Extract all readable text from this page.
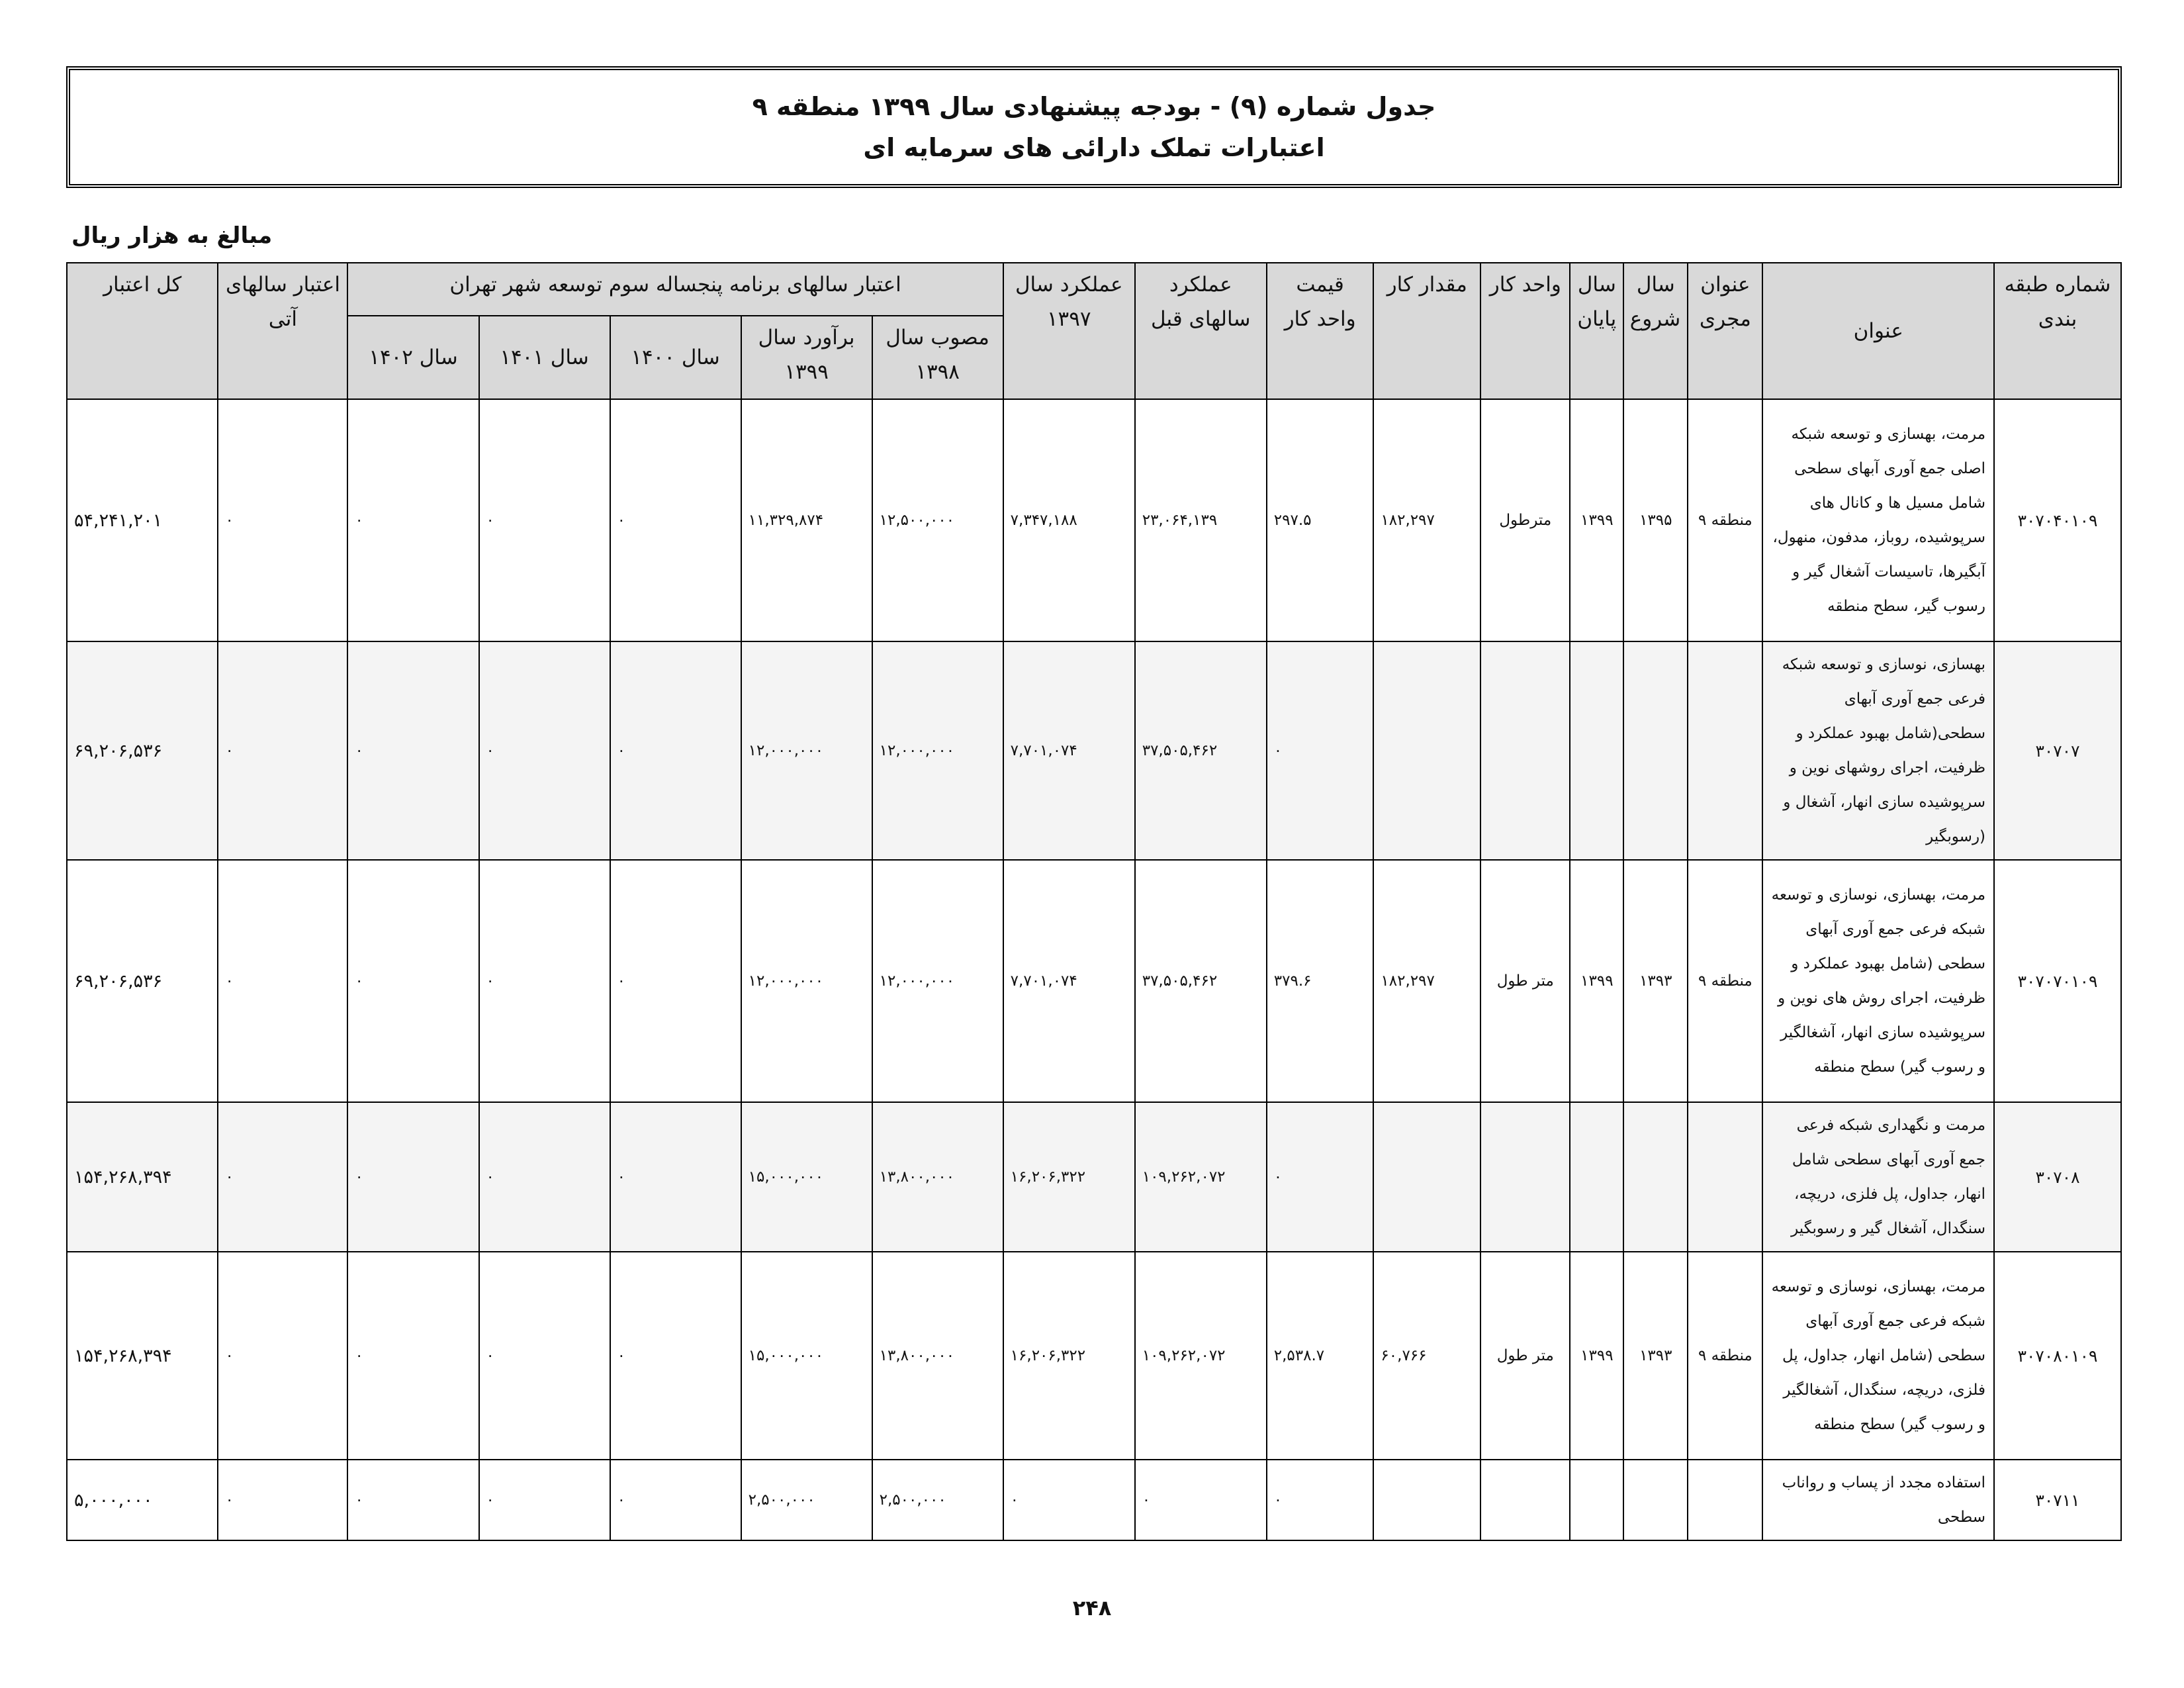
جدول شماره (۹) - بودجه پیشنهادی سال ۱۳۹۹ منطقه ۹
اعتبارات تملک دارائی های سرمایه ای
مبالغ به هزار ریال
شماره طبقه بندی	عنوان	عنوان مجری	سال شروع	سال پایان	واحد کار	مقدار کار	قیمت واحد کار	عملکرد سالهای قبل	عملکرد سال ۱۳۹۷	اعتبار سالهای برنامه پنجساله سوم توسعه شهر تهران					اعتبار سالهای آتی	کل اعتبار
										مصوب سال ۱۳۹۸	برآورد سال ۱۳۹۹	سال ۱۴۰۰	سال ۱۴۰۱	سال ۱۴۰۲		
۳۰۷۰۴۰۱۰۹	مرمت، بهسازی و توسعه شبکه اصلی جمع آوری آبهای سطحی شامل مسیل ها و کانال های سرپوشیده، روباز، مدفون، منهول، آبگیرها، تاسیسات آشغال گیر و رسوب گیر، سطح منطقه	منطقه ۹	۱۳۹۵	۱۳۹۹	مترطول	۱۸۲,۲۹۷	۲۹۷.۵	۲۳,۰۶۴,۱۳۹	۷,۳۴۷,۱۸۸	۱۲,۵۰۰,۰۰۰	۱۱,۳۲۹,۸۷۴	۰	۰	۰	۰	۵۴,۲۴۱,۲۰۱
۳۰۷۰۷	بهسازی، نوسازی و توسعه شبکه فرعی جمع آوری آبهای سطحی(شامل بهبود عملکرد و ظرفیت، اجرای روشهای نوین و سرپوشیده سازی انهار، آشغال و (رسوبگیر						۰	۳۷,۵۰۵,۴۶۲	۷,۷۰۱,۰۷۴	۱۲,۰۰۰,۰۰۰	۱۲,۰۰۰,۰۰۰	۰	۰	۰	۰	۶۹,۲۰۶,۵۳۶
۳۰۷۰۷۰۱۰۹	مرمت، بهسازی، نوسازی و توسعه شبکه فرعی جمع آوری آبهای سطحی (شامل بهبود عملکرد و ظرفیت، اجرای روش های نوین و سرپوشیده سازی انهار، آشغالگیر و رسوب گیر) سطح منطقه	منطقه ۹	۱۳۹۳	۱۳۹۹	متر طول	۱۸۲,۲۹۷	۳۷۹.۶	۳۷,۵۰۵,۴۶۲	۷,۷۰۱,۰۷۴	۱۲,۰۰۰,۰۰۰	۱۲,۰۰۰,۰۰۰	۰	۰	۰	۰	۶۹,۲۰۶,۵۳۶
۳۰۷۰۸	مرمت و نگهداری شبکه فرعی جمع آوری آبهای سطحی شامل انهار، جداول، پل فلزی، دریچه، سنگدال، آشغال گیر و رسوبگیر						۰	۱۰۹,۲۶۲,۰۷۲	۱۶,۲۰۶,۳۲۲	۱۳,۸۰۰,۰۰۰	۱۵,۰۰۰,۰۰۰	۰	۰	۰	۰	۱۵۴,۲۶۸,۳۹۴
۳۰۷۰۸۰۱۰۹	مرمت، بهسازی، نوسازی و توسعه شبکه فرعی جمع آوری آبهای سطحی (شامل انهار، جداول، پل فلزی، دریچه، سنگدال، آشغالگیر و رسوب گیر) سطح منطقه	منطقه ۹	۱۳۹۳	۱۳۹۹	متر طول	۶۰,۷۶۶	۲,۵۳۸.۷	۱۰۹,۲۶۲,۰۷۲	۱۶,۲۰۶,۳۲۲	۱۳,۸۰۰,۰۰۰	۱۵,۰۰۰,۰۰۰	۰	۰	۰	۰	۱۵۴,۲۶۸,۳۹۴
۳۰۷۱۱	استفاده مجدد از پساب و رواناب سطحی						۰	۰	۰	۲,۵۰۰,۰۰۰	۲,۵۰۰,۰۰۰	۰	۰	۰	۰	۵,۰۰۰,۰۰۰
۲۴۸
